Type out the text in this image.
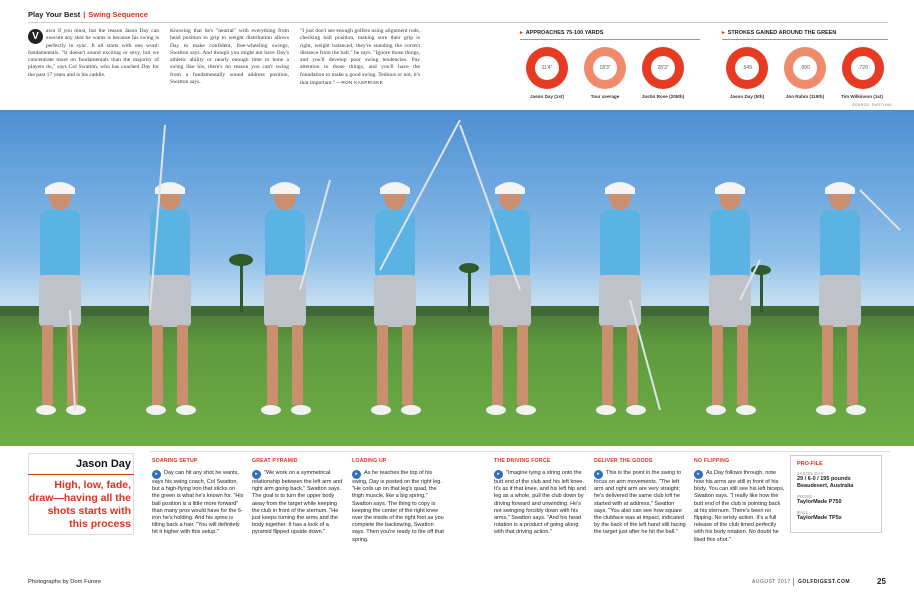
Play Your Best | Swing Sequence
V	awn if you must, but the reason Jason Day can execute any shot he wants is because his swing is perfectly in sync. It all starts with one word: fundamentals. "It doesn't sound exciting or sexy, but we concentrate more on fundamentals than the majority of players do," says Col Swatton, who has coached Day for the past 17 years and is his caddie.
Knowing that he's "neutral" with everything from head position to grip to weight distribution allows Day to make confident, free-wheeling swings, Swatton says. And though you might not have Day's athletic ability or nearly enough time to hone a swing like his, there's no reason you can't swing from a fundamentally sound address position, Swatton says.
"I just don't see enough golfers using alignment rods, checking ball position, making sure their grip is right, weight balanced, they're standing the correct distance from the ball," he says. "Ignore those things, and you'll develop poor swing tendencies. Pay attention to those things, and you'll have the foundation to make a good swing. Tedious or not, it's that important." —RON KASPRISKE
▸ APPROACHES 75-100 YARDS
11'4"
Jason Day (1st)
18'3"
Tour average
28'3"
Justin Rose (205th)
▸ STROKES GAINED AROUND THE GREEN
.549
Jason Day (5th)
.000
Jon Rahm (115th)
.720
Tim Wilkinson (1st)
SOURCE: SHOTLINK
Jason Day
High, low, fade, draw—having all the shots starts with this process
SOARING SETUP

▸ Day can hit any shot he wants, says his swing coach, Col Swatton, but a high-flying iron that sticks on the green is what he's known for. "His ball position is a little more forward" than many pros would have for the 6-iron he's holding. And his spine is tilting back a hair. "You will definitely hit it higher with this setup."

GREAT PYRAMID

▸ "We work on a symmetrical relationship between the left arm and right arm going back," Swatton says. The goal is to turn the upper body away from the target while keeping the club in front of the sternum. "He just keeps turning the arms and the body together. It has a look of a pyramid flipped upside down."

LOADING UP

▸ As he reaches the top of his swing, Day is posted on the right leg. "He coils up on that leg's quad, the thigh muscle, like a big spring," Swatton says. The thing to copy is keeping the center of the right knee over the inside of the right foot as you complete the backswing, Swatton says. Then you're ready to fire off that spring.

THE DRIVING FORCE

▸ "Imagine tying a string onto the butt end of the club and his left knee. It's as if that knee, and his left hip and leg as a whole, pull the club down by driving forward and unwinding. He's not swinging forcibly down with his arms," Swatton says. "And his head rotation is a product of going along with that driving action."

DELIVER THE GOODS

▸ This is the point in the swing to focus on arm movements. "The left arm and right arm are very straight; he's delivered the same club loft he started with at address," Swatton says. "You also can see how square the clubface was at impact, indicated by the back of the left hand still facing the target just after he hit the ball."

NO FLIPPING

▸ As Day follows through, note how his arms are still in front of his body. You can still see his left biceps, Swatton says. "I really like how the butt end of the club is pointing back at his sternum. There's been no flipping. No wristy action. It's a full release of the club timed perfectly with his body rotation. No doubt he liked this shot."

PRO-FILE
JASON DAY
29 / 6-0 / 195 pounds Beaudesert, Australia
IRONS
TaylorMade P750
BALL
TaylorMade TP5x
Photographs by Dom Furore	AUGUST 2017 GOLFDIGEST.COM	25
